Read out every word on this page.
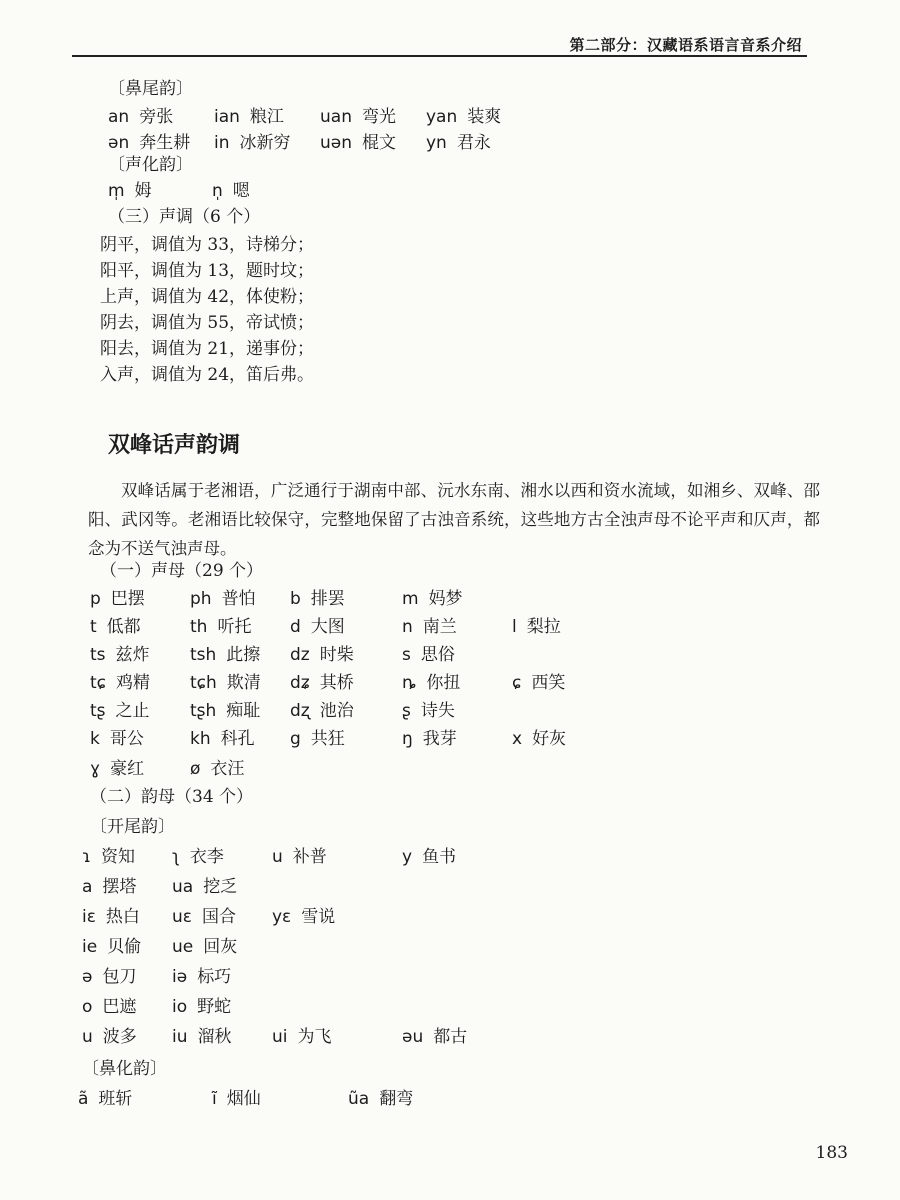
第二部分：汉藏语系语言音系介绍
〔鼻尾韵〕
an 旁张 ian 粮江 uan 弯光 yan 装爽
ən 奔生耕 in 冰新穷 uən 棍文 yn 君永
〔声化韵〕
m̩ 姆	n̩ 嗯
（三）声调（6 个）
阴平，调值为 33，诗梯分；
阳平，调值为 13，题时坟；
上声，调值为 42，体使粉；
阴去，调值为 55，帝试愤；
阳去，调值为 21，递事份；
入声，调值为 24，笛后弗。
双峰话声韵调
双峰话属于老湘语，广泛通行于湖南中部、沅水东南、湘水以西和资水流域，如湘乡、双峰、邵阳、武冈等。老湘语比较保守，完整地保留了古浊音系统，这些地方古全浊声母不论平声和仄声，都念为不送气浊声母。
（一）声母（29 个）
p 巴摆	ph 普怕 b 排罢	m 妈梦
t 低都	th 听托 d 大图	n 南兰	l 梨拉
ts 兹炸 tsh 此擦 dz 时柴	s 思俗
tɕ 鸡精 tɕh 欺清 dʑ 其桥	ȵ 你扭	ɕ 西笑
tʂ 之止 tʂh 痴耻 dʐ 池治	ʂ 诗失
k 哥公	kh 科孔 g 共狂	ŋ 我芽	x 好灰
ɣ 豪红	ø 衣汪
（二）韵母（34 个）
〔开尾韵〕
ɿ 资知 ʅ 衣李	u 补普	y 鱼书
a 摆塔 ua 挖乏
iɛ 热白 uɛ 国合 yɛ 雪说
ie 贝偷 ue 回灰
ə 包刀 iə 标巧
o 巴遮 io 野蛇
u 波多 iu 溜秋 ui 为飞	əu 都古
〔鼻化韵〕
ã 班斩	ĩ 烟仙	ũa 翻弯
183
